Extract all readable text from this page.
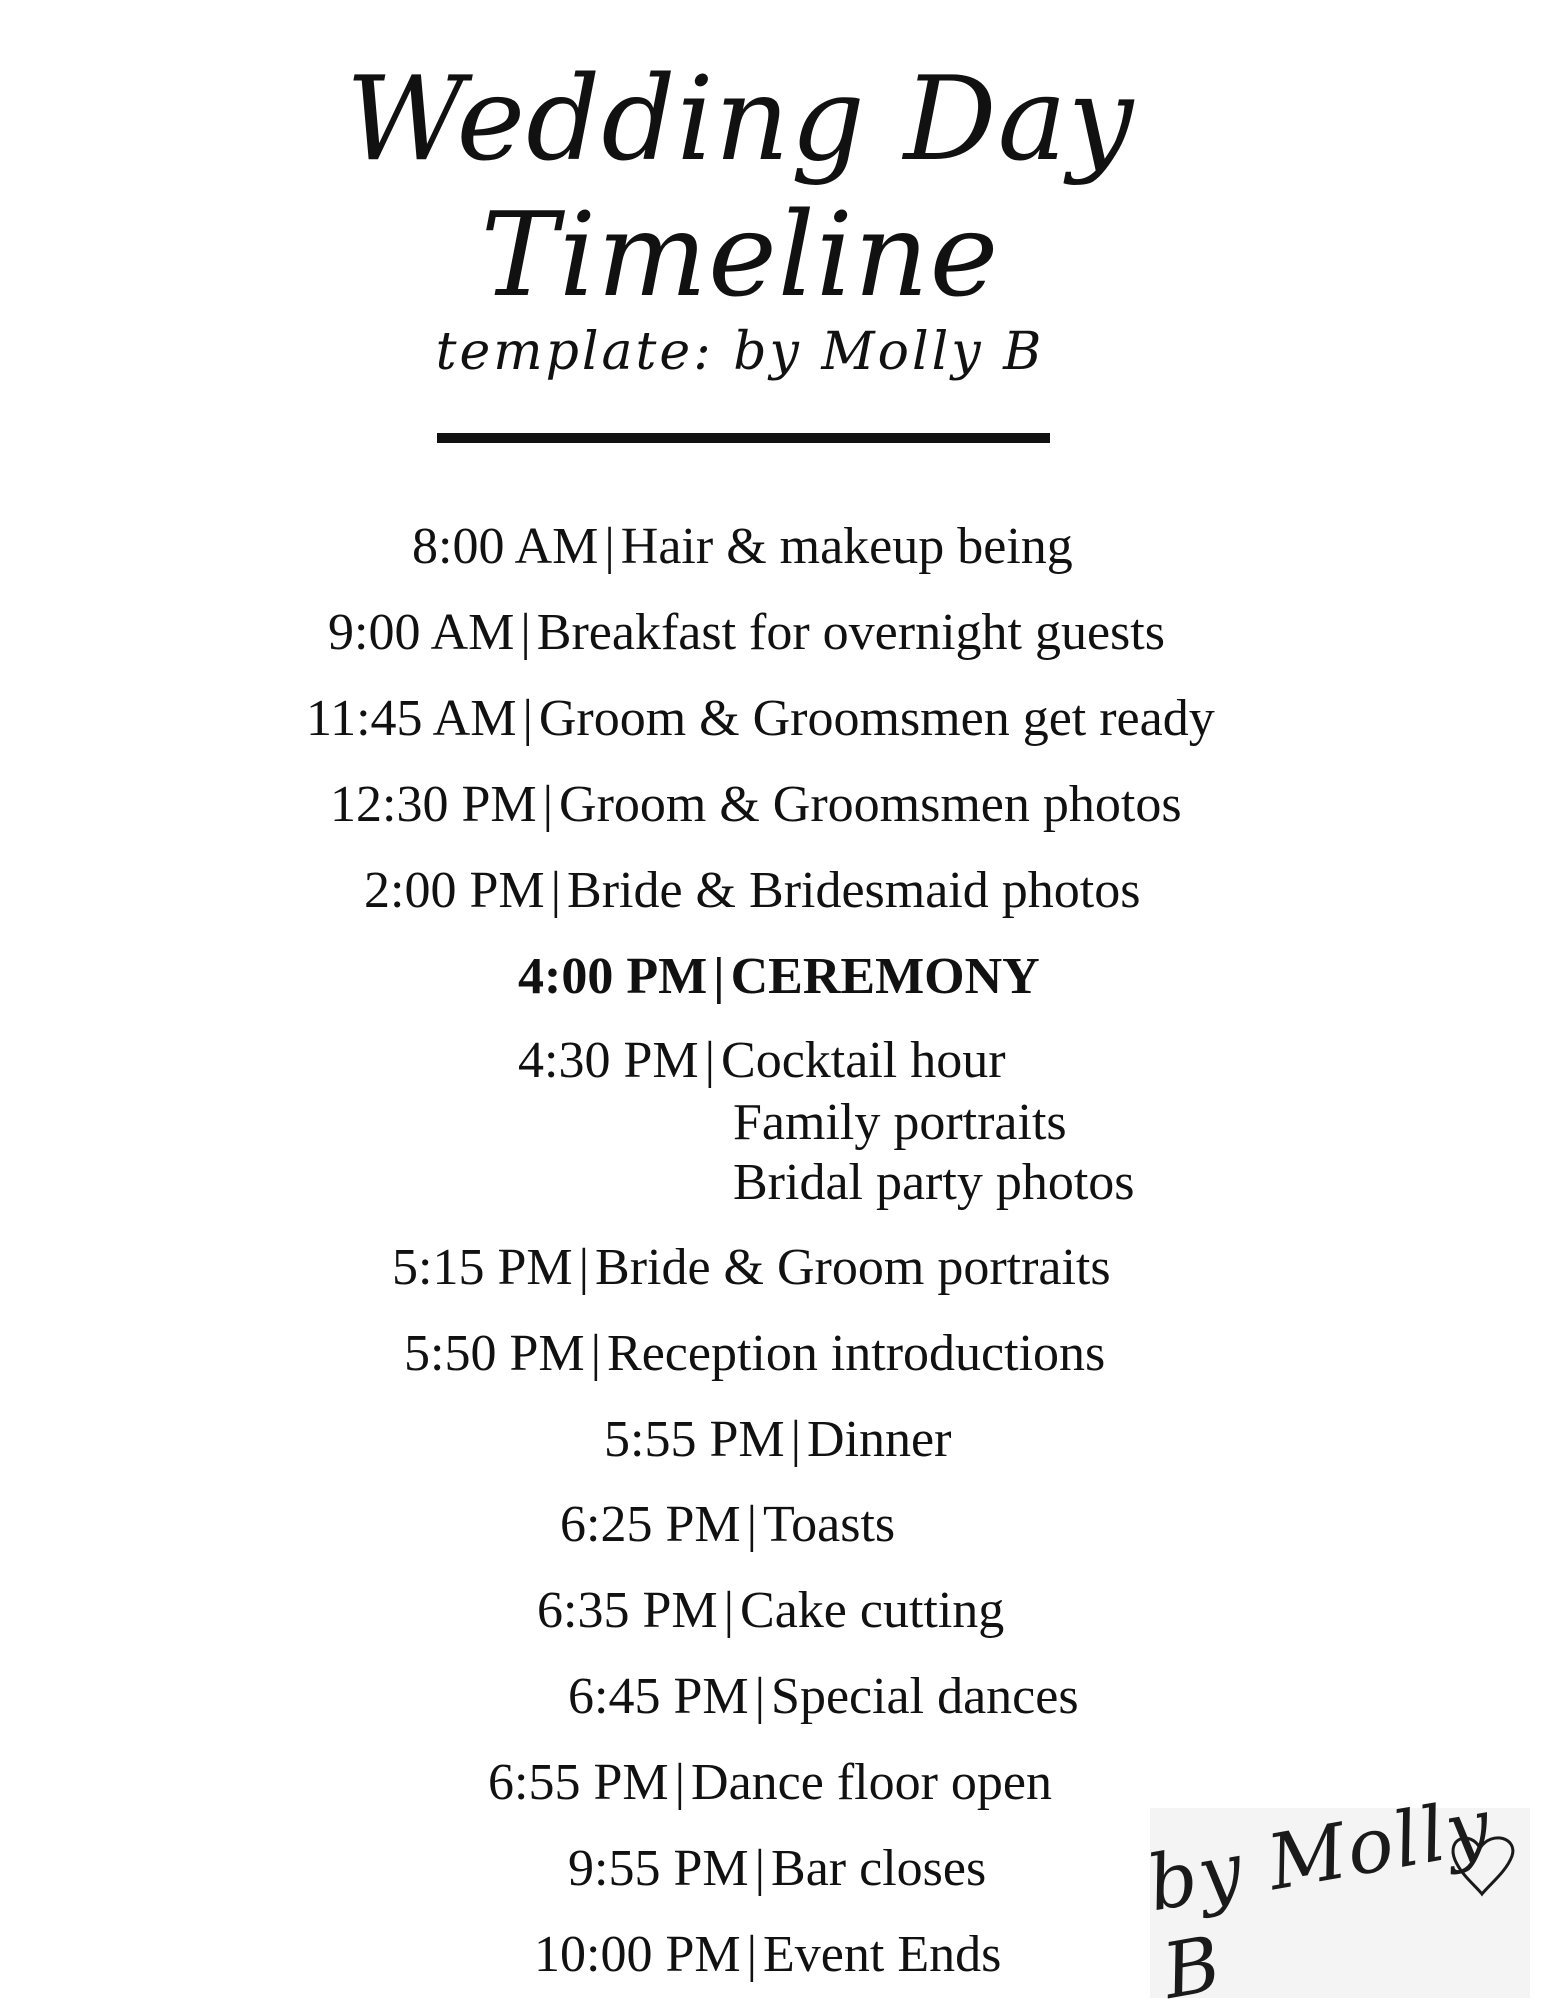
Wedding Day
Timeline
template: by Molly B
8:00 AM | Hair & makeup being
9:00 AM | Breakfast for overnight guests
11:45 AM | Groom & Groomsmen get ready
12:30 PM | Groom & Groomsmen photos
2:00 PM | Bride & Bridesmaid photos
4:00 PM | CEREMONY
4:30 PM | Cocktail hour
Family portraits
Bridal party photos
5:15 PM | Bride & Groom portraits
5:50 PM | Reception introductions
5:55 PM | Dinner
6:25 PM | Toasts
6:35 PM | Cake cutting
6:45 PM | Special dances
6:55 PM | Dance floor open
9:55 PM | Bar closes
10:00 PM | Event Ends
by Molly B
